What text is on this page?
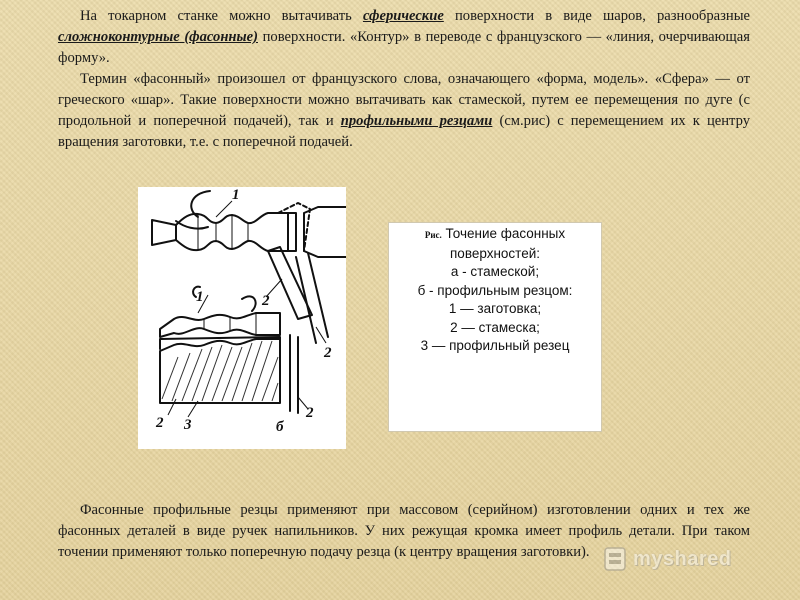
На токарном станке можно вытачивать сферические поверхности в виде шаров, разнообразные сложноконтурные (фасонные) поверхности. «Контур» в переводе с французского — «линия, очерчивающая форму».

Термин «фасонный» произошел от французского слова, означающего «форма, модель». «Сфера» — от греческого «шар». Такие поверхности можно вытачивать как стамеской, путем ее перемещения по дуге (с продольной и поперечной подачей), так и профильными резцами (см.рис) с перемещением их к центру вращения заготовки, т.е. с поперечной подачей.

1
2
2
1
2 3
2
б
Рис. Точение фасонных
поверхностей:
а - стамеской;
б - профильным резцом:
1 — заготовка;
2 — стамеска;
3 — профильный резец

Фасонные профильные резцы применяют при массовом (серийном) изготовлении одних и тех же фасонных деталей в виде ручек напильников. У них режущая кромка имеет профиль детали. При таком точении применяют только поперечную подачу резца (к центру вращения заготовки).	myshared
